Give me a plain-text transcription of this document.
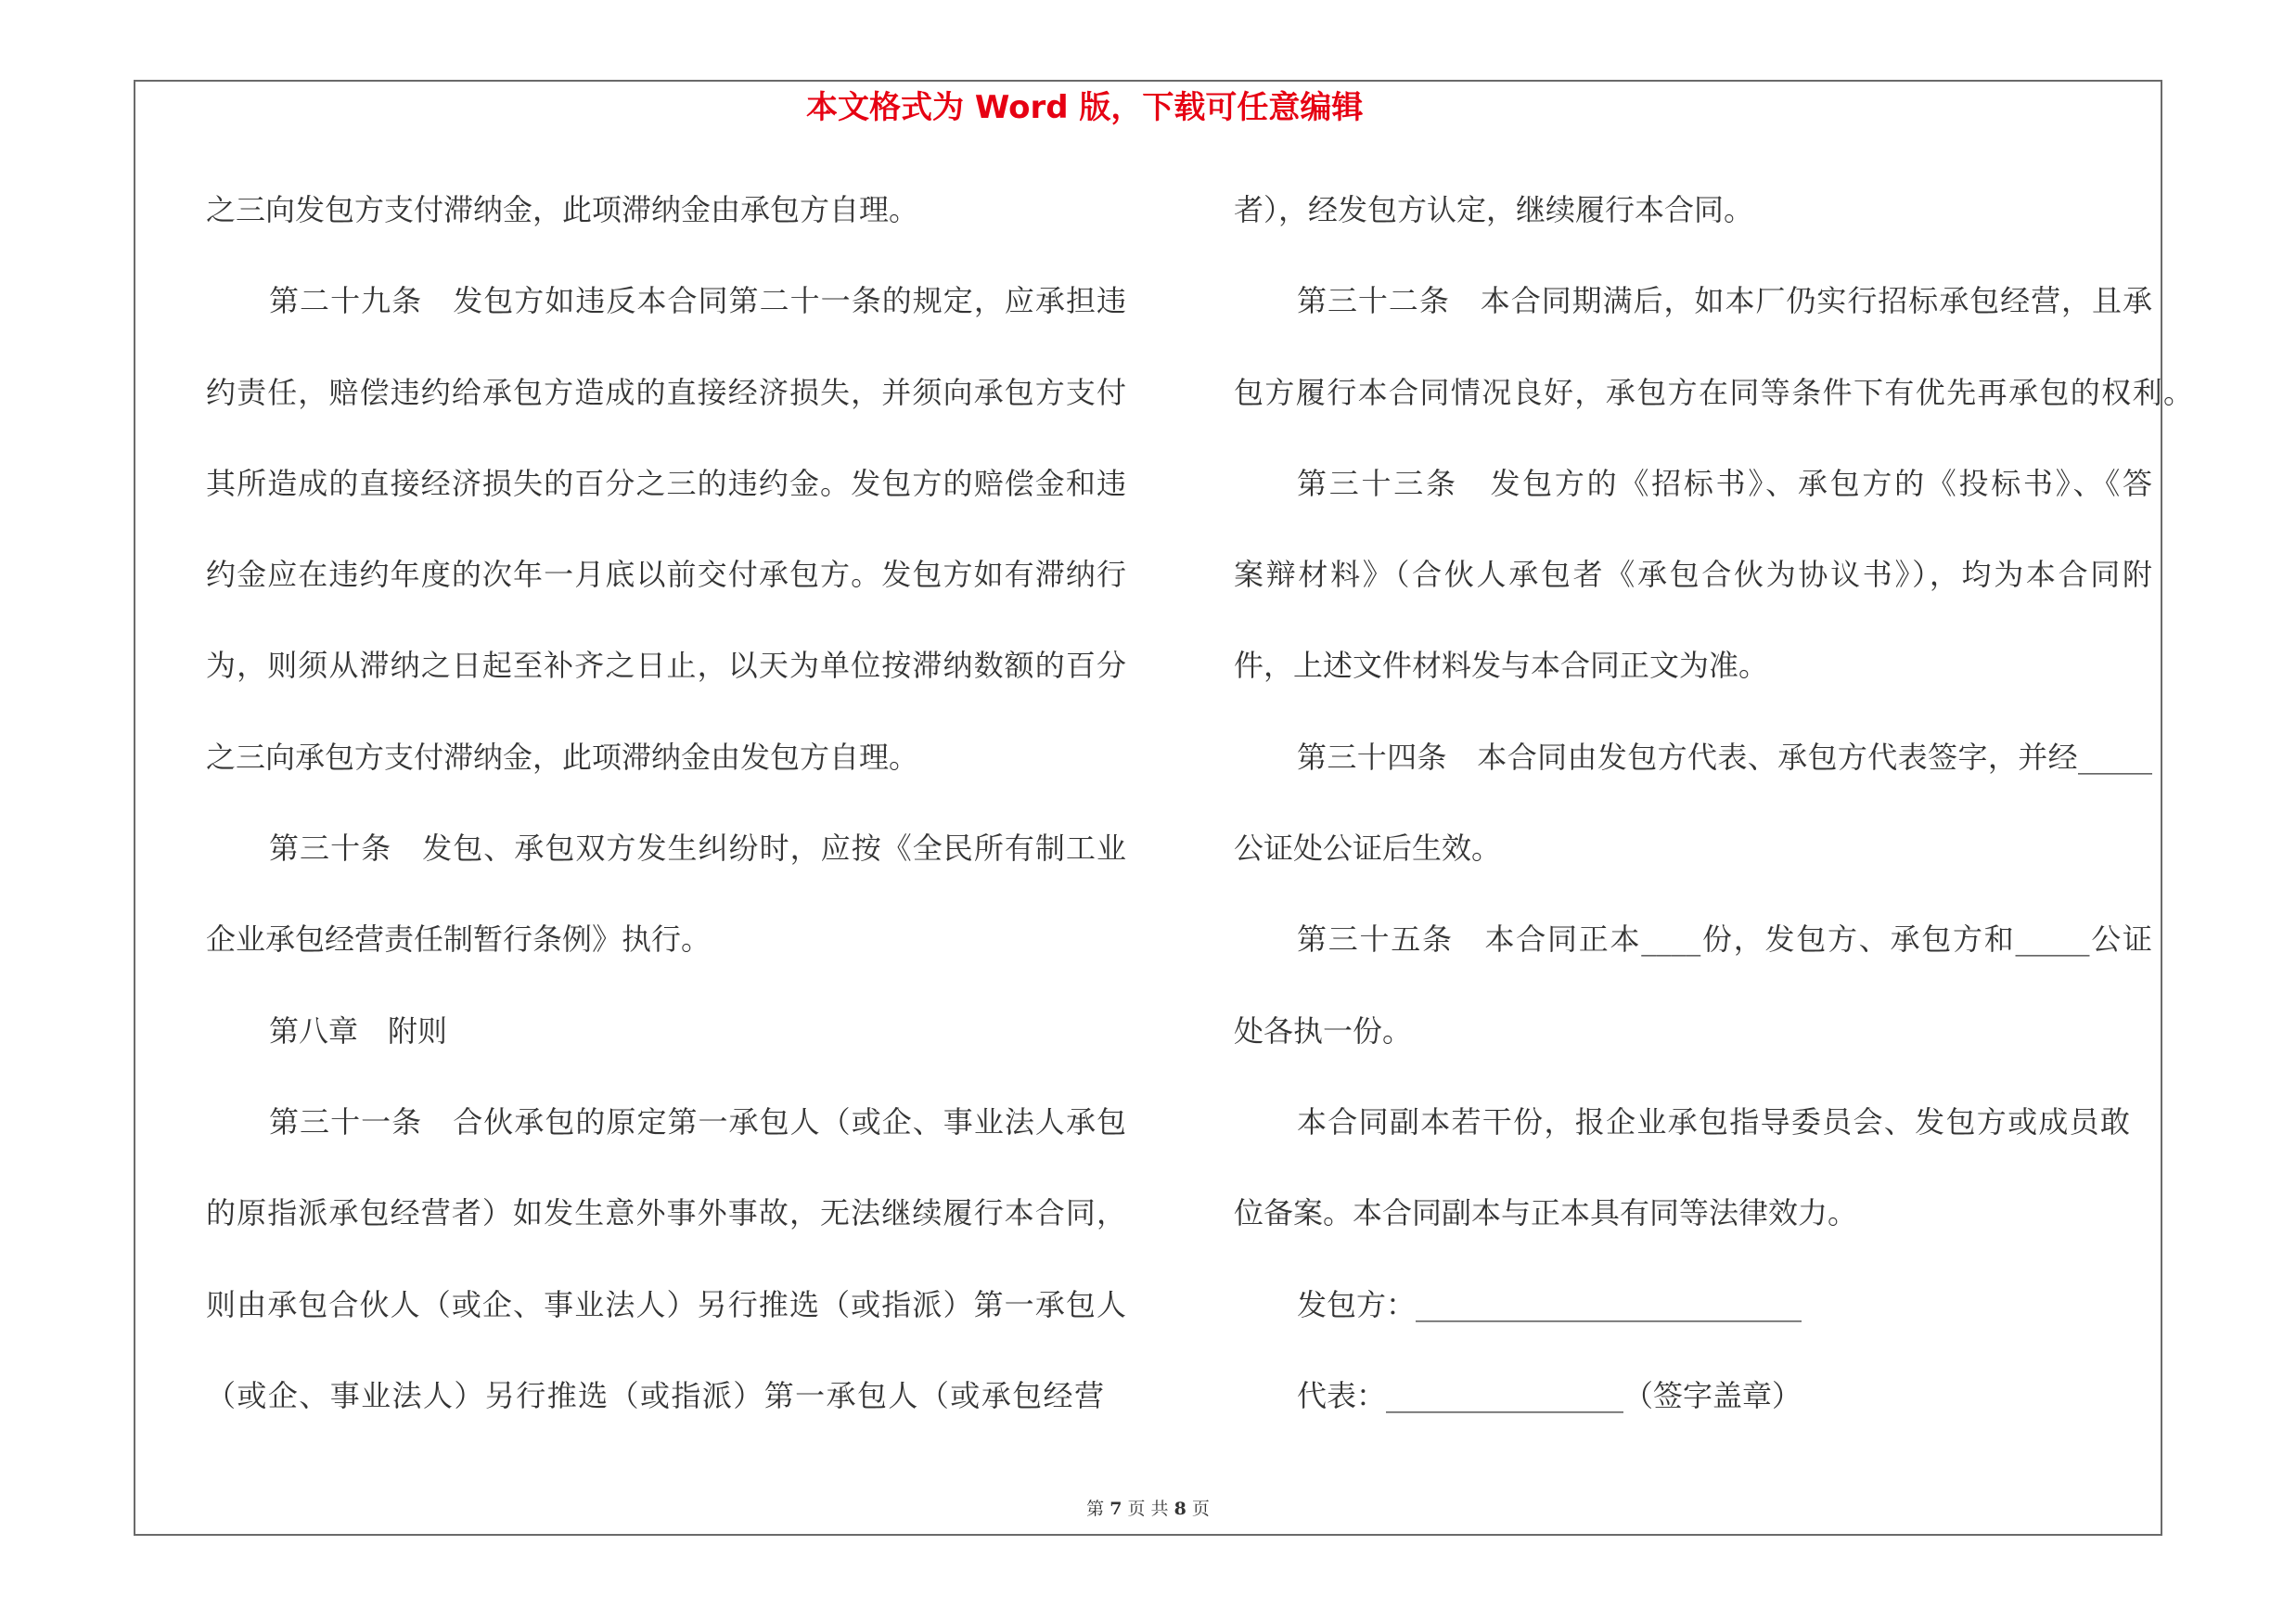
本文格式为 Word 版，下载可任意编辑
之三向发包方支付滞纳金，此项滞纳金由承包方自理。
第二十九条　发包方如违反本合同第二十一条的规定，应承担违
约责任，赔偿违约给承包方造成的直接经济损失，并须向承包方支付
其所造成的直接经济损失的百分之三的违约金。发包方的赔偿金和违
约金应在违约年度的次年一月底以前交付承包方。发包方如有滞纳行
为，则须从滞纳之日起至补齐之日止，以天为单位按滞纳数额的百分
之三向承包方支付滞纳金，此项滞纳金由发包方自理。
第三十条　发包、承包双方发生纠纷时，应按《全民所有制工业
企业承包经营责任制暂行条例》执行。
第八章　附则
第三十一条　合伙承包的原定第一承包人（或企、事业法人承包
的原指派承包经营者）如发生意外事外事故，无法继续履行本合同，
则由承包合伙人（或企、事业法人）另行推选（或指派）第一承包人
（或企、事业法人）另行推选（或指派）第一承包人（或承包经营
者），经发包方认定，继续履行本合同。
第三十二条　本合同期满后，如本厂仍实行招标承包经营，且承
包方履行本合同情况良好，承包方在同等条件下有优先再承包的权利。
第三十三条　发包方的《招标书》、承包方的《投标书》、《答
案辩材料》（合伙人承包者《承包合伙为协议书》），均为本合同附
件，上述文件材料发与本合同正文为准。
第三十四条　本合同由发包方代表、承包方代表签字，并经_____
公证处公证后生效。
第三十五条　本合同正本____份，发包方、承包方和_____公证
处各执一份。
本合同副本若干份，报企业承包指导委员会、发包方或成员敢
位备案。本合同副本与正本具有同等法律效力。
发包方：__________________________
代表：________________（签字盖章）
第 7 页 共 8 页
